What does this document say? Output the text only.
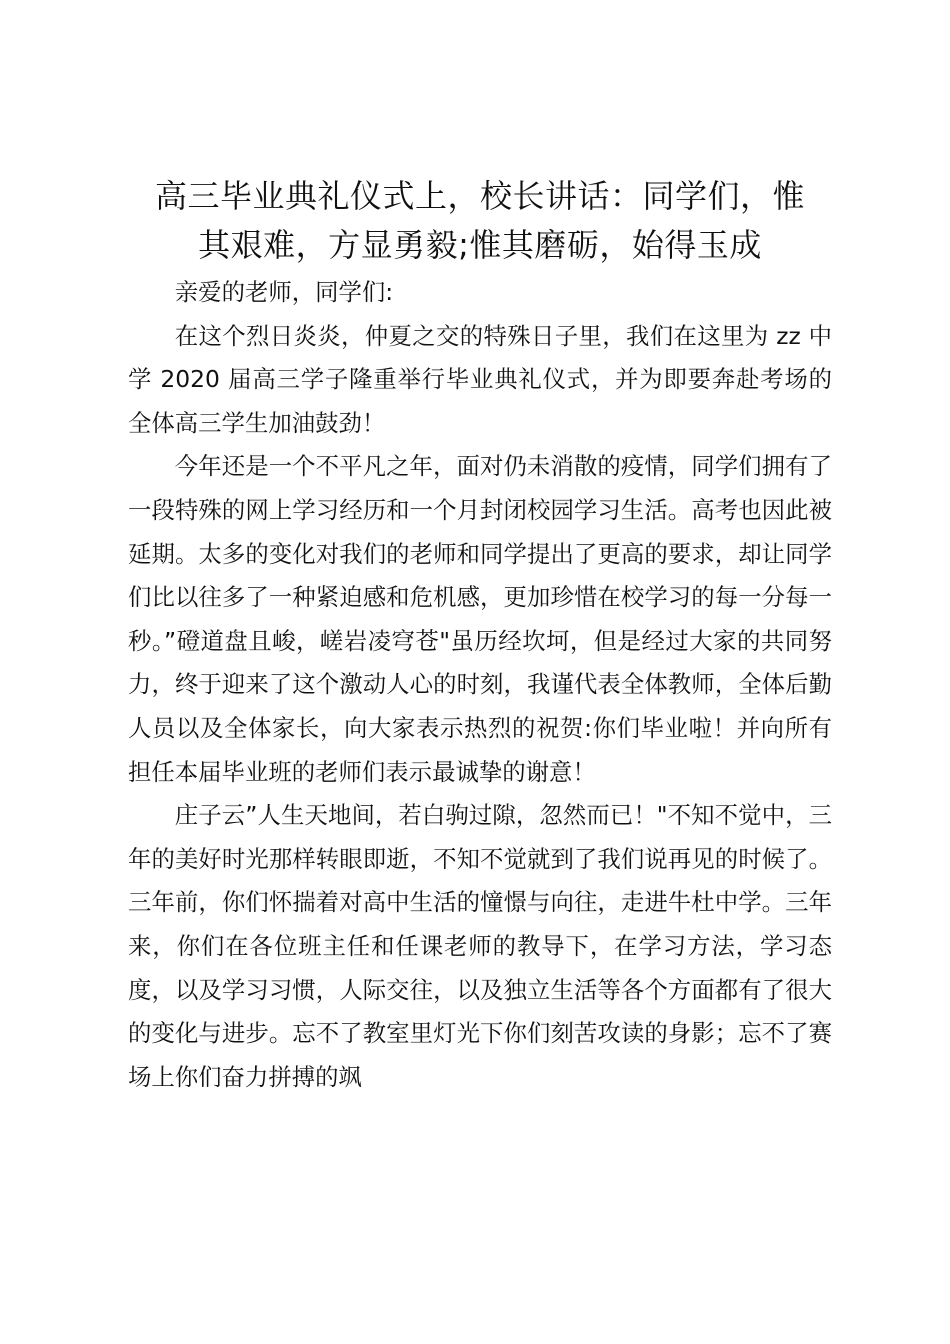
高三毕业典礼仪式上，校长讲话：同学们，惟
其艰难，方显勇毅;惟其磨砺，始得玉成

亲爱的老师，同学们:

在这个烈日炎炎，仲夏之交的特殊日子里，我们在这里为 zz 中学 2020 届高三学子隆重举行毕业典礼仪式，并为即要奔赴考场的全体高三学生加油鼓劲！

今年还是一个不平凡之年，面对仍未消散的疫情，同学们拥有了一段特殊的网上学习经历和一个月封闭校园学习生活。高考也因此被延期。太多的变化对我们的老师和同学提出了更高的要求，却让同学们比以往多了一种紧迫感和危机感，更加珍惜在校学习的每一分每一秒。”磴道盘且峻，嵯岩凌穹苍"虽历经坎坷，但是经过大家的共同努力，终于迎来了这个激动人心的时刻，我谨代表全体教师，全体后勤人员以及全体家长，向大家表示热烈的祝贺:你们毕业啦！并向所有担任本届毕业班的老师们表示最诚挚的谢意！

庄子云”人生天地间，若白驹过隙，忽然而已！"不知不觉中，三年的美好时光那样转眼即逝，不知不觉就到了我们说再见的时候了。三年前，你们怀揣着对高中生活的憧憬与向往，走进牛杜中学。三年来，你们在各位班主任和任课老师的教导下，在学习方法，学习态度，以及学习习惯，人际交往，以及独立生活等各个方面都有了很大的变化与进步。忘不了教室里灯光下你们刻苦攻读的身影；忘不了赛场上你们奋力拼搏的飒
